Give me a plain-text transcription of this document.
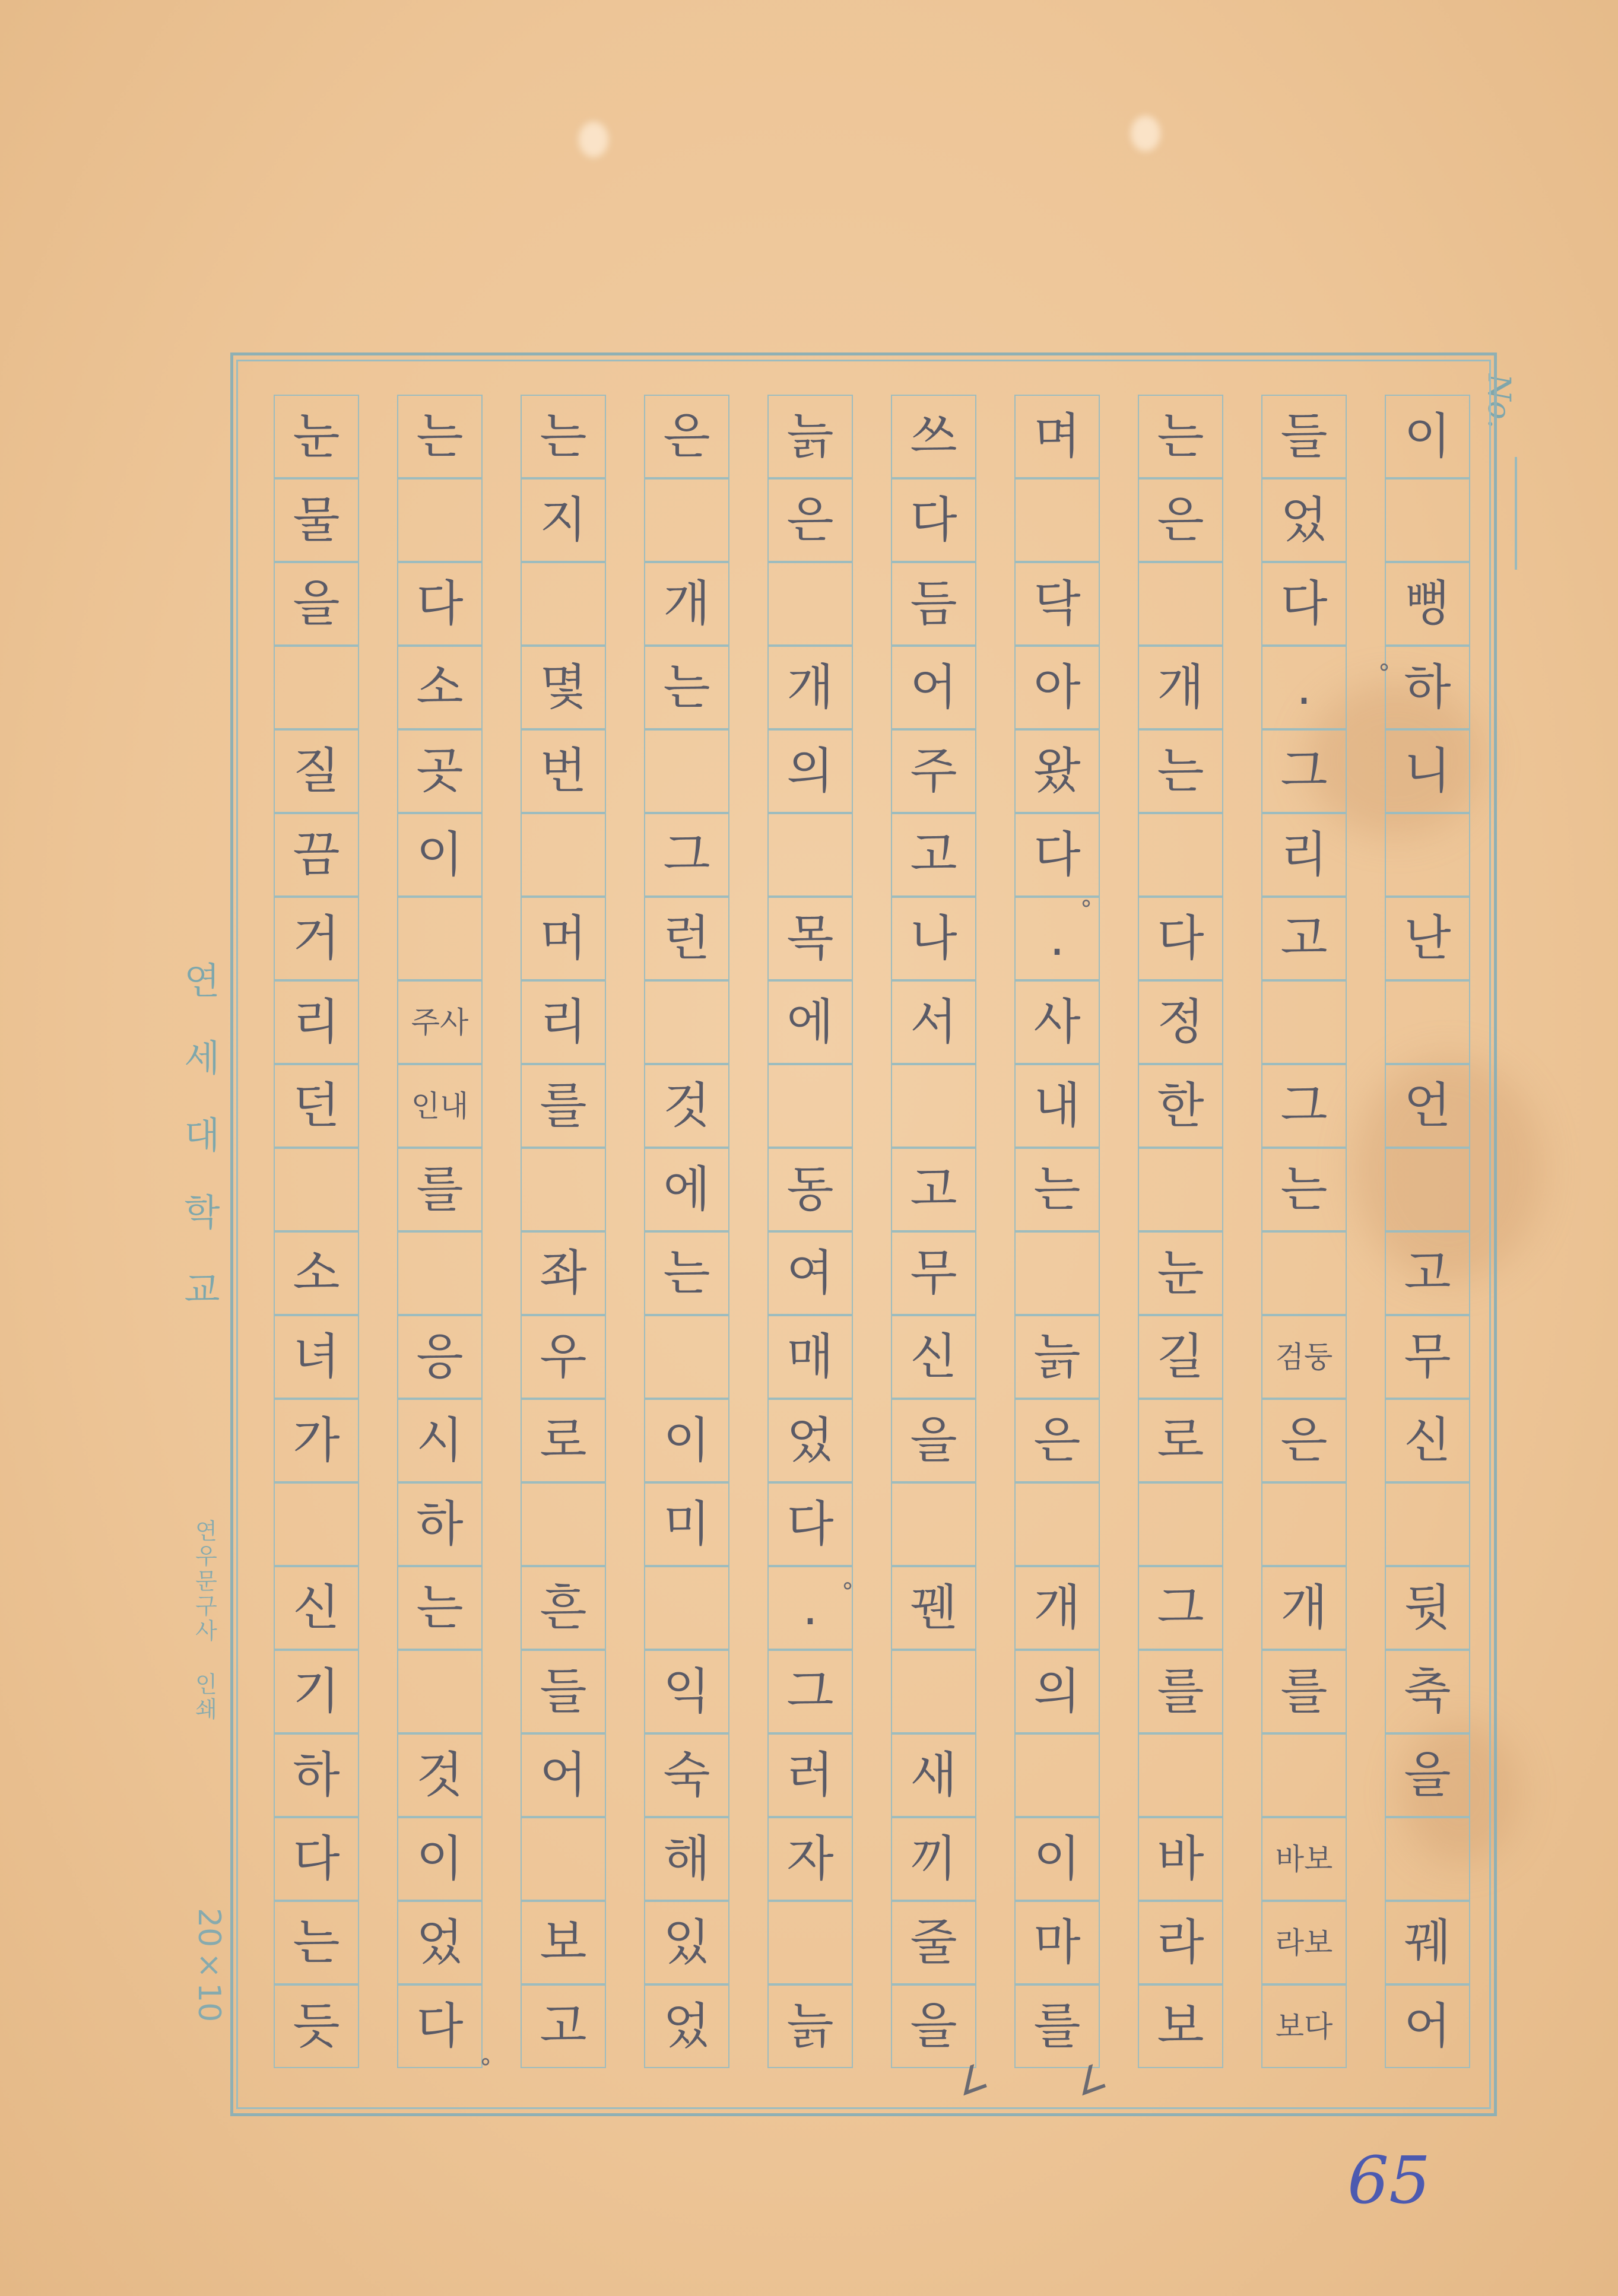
No.
이
뻥
하
니
난
언
고
무
신
뒷
축
을
꿰
어
들
었
다
.
그
리
고
그
는
검둥
은
개
를
바보
라보
보다
는
은
개
는
다
정
한
눈
길
로
그
를
바
라
보
며
닥
아
왔
다
.
사
내
는
늙
은
개
의
이
마
를
쓰
다
듬
어
주
고
나
서
고
무
신
을
꿴
새
끼
줄
을
늙
은
개
의
목
에
동
여
매
었
다
.
그
러
자
늙
은
개
는
그
런
것
에
는
이
미
익
숙
해
있
었
는
지
몇
번
머
리
를
좌
우
로
흔
들
어
보
고
는
다
소
곳
이
주사
인내
를
응
시
하
는
것
이
었
다
눈
물
을
질
끔
거
리
던
소
녀
가
신
기
하
다
는
듯
°
°
°
°	∠ ∠
연세대학교
연우문구사 인쇄
20×10
65
